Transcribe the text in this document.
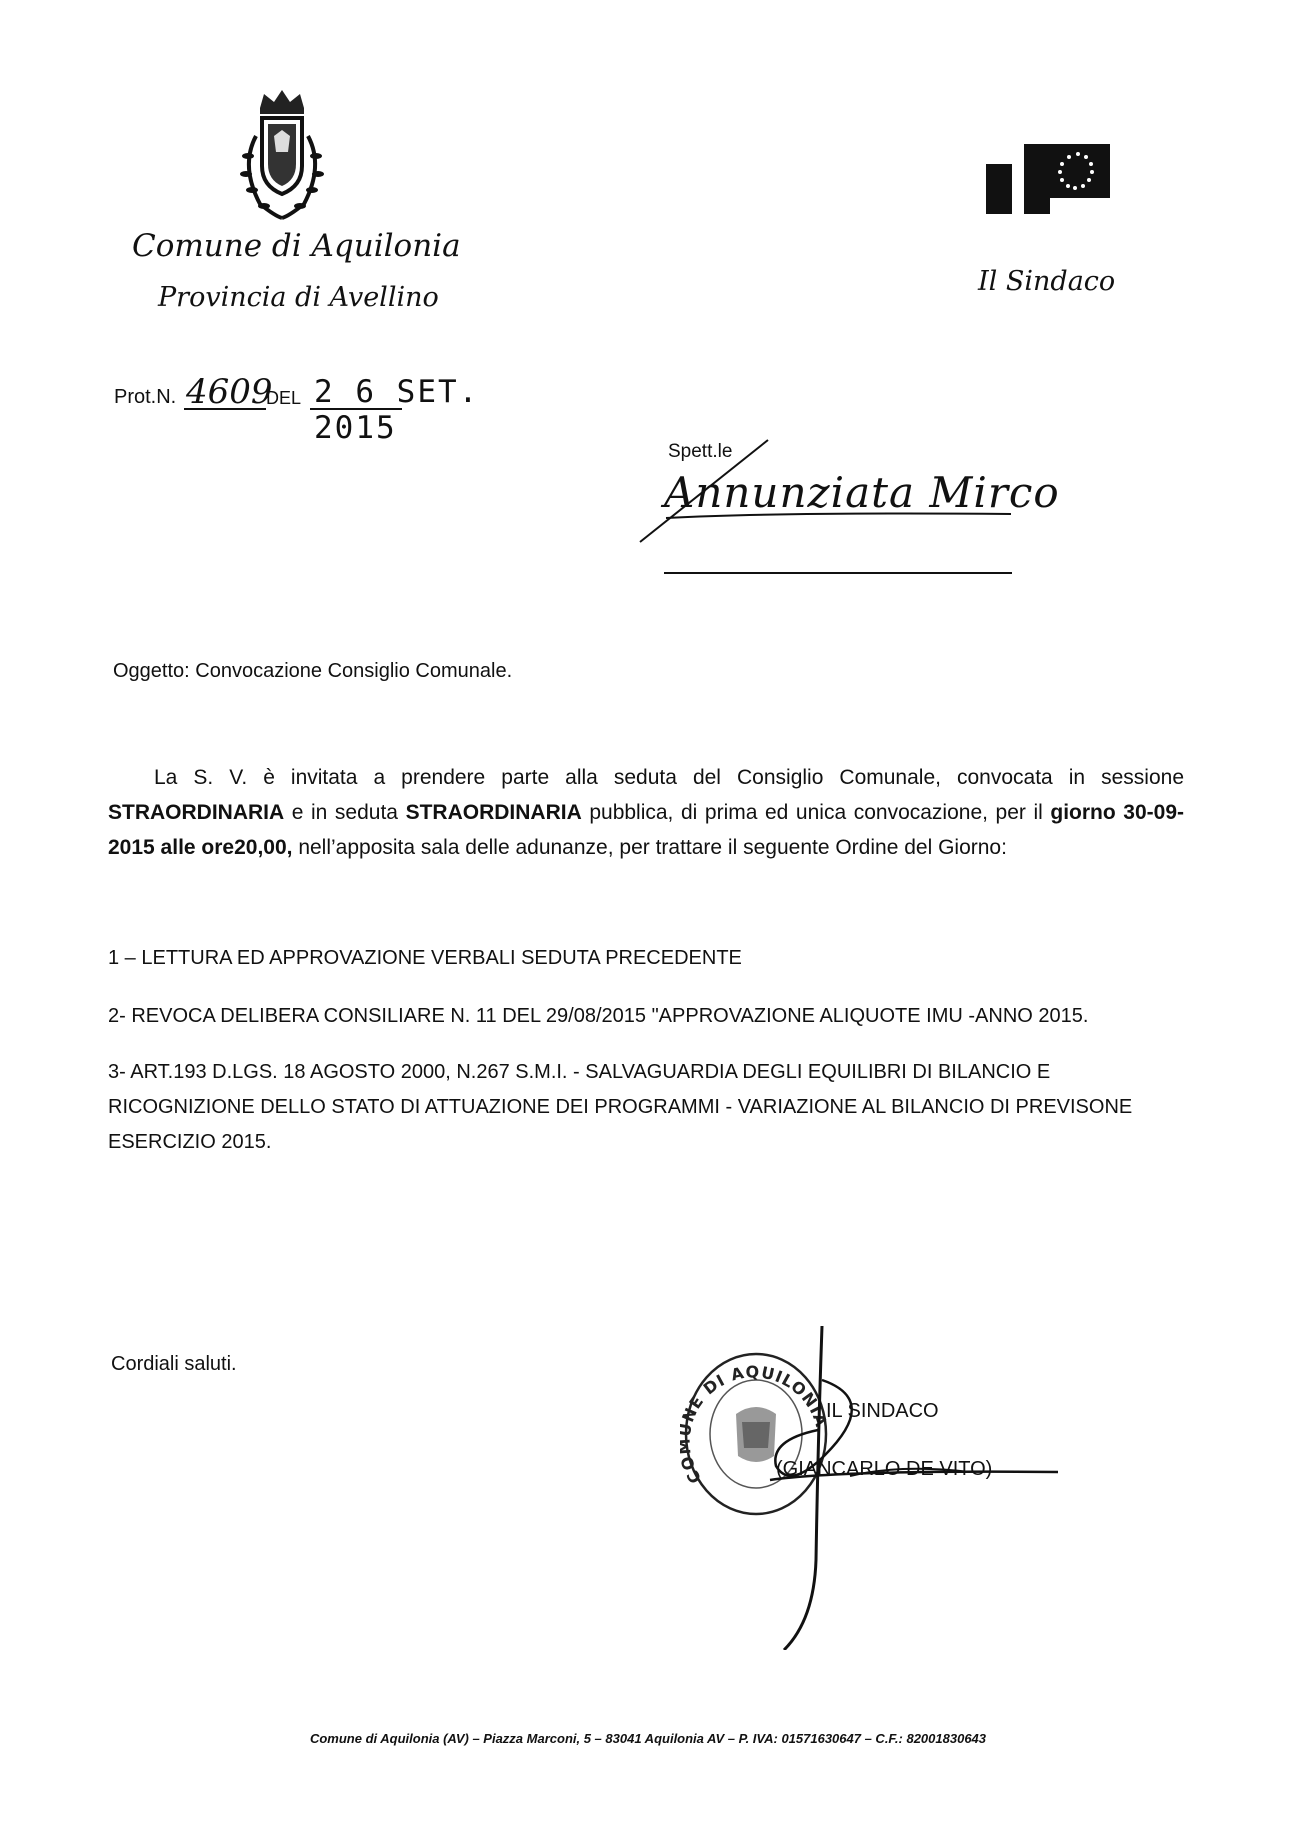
Comune di Aquilonia
Provincia di Avellino
Il Sindaco
Prot.N. 4609
DEL 2 6 SET. 2015
Spett.le
Annunziata Mirco
Oggetto: Convocazione Consiglio Comunale.
La S. V. è invitata a prendere parte alla seduta del Consiglio Comunale, convocata in sessione STRAORDINARIA e in seduta STRAORDINARIA pubblica, di prima ed unica convocazione, per il giorno 30-09-2015 alle ore20,00, nell’apposita sala delle adunanze, per trattare il seguente Ordine del Giorno:
1 – LETTURA ED APPROVAZIONE VERBALI SEDUTA PRECEDENTE
2- REVOCA DELIBERA CONSILIARE N. 11 DEL 29/08/2015 "APPROVAZIONE ALIQUOTE IMU -ANNO 2015.
3- ART.193 D.LGS. 18 AGOSTO 2000, N.267 S.M.I. - SALVAGUARDIA DEGLI EQUILIBRI DI BILANCIO E RICOGNIZIONE DELLO STATO DI ATTUAZIONE DEI PROGRAMMI - VARIAZIONE AL BILANCIO DI PREVISONE ESERCIZIO 2015.
Cordiali saluti.
C NE DI AQUILONIA
IL SINDACO
(GIANCARLO DE VITO)
Comune di Aquilonia (AV) – Piazza Marconi, 5 – 83041 Aquilonia AV – P. IVA: 01571630647 – C.F.: 82001830643
